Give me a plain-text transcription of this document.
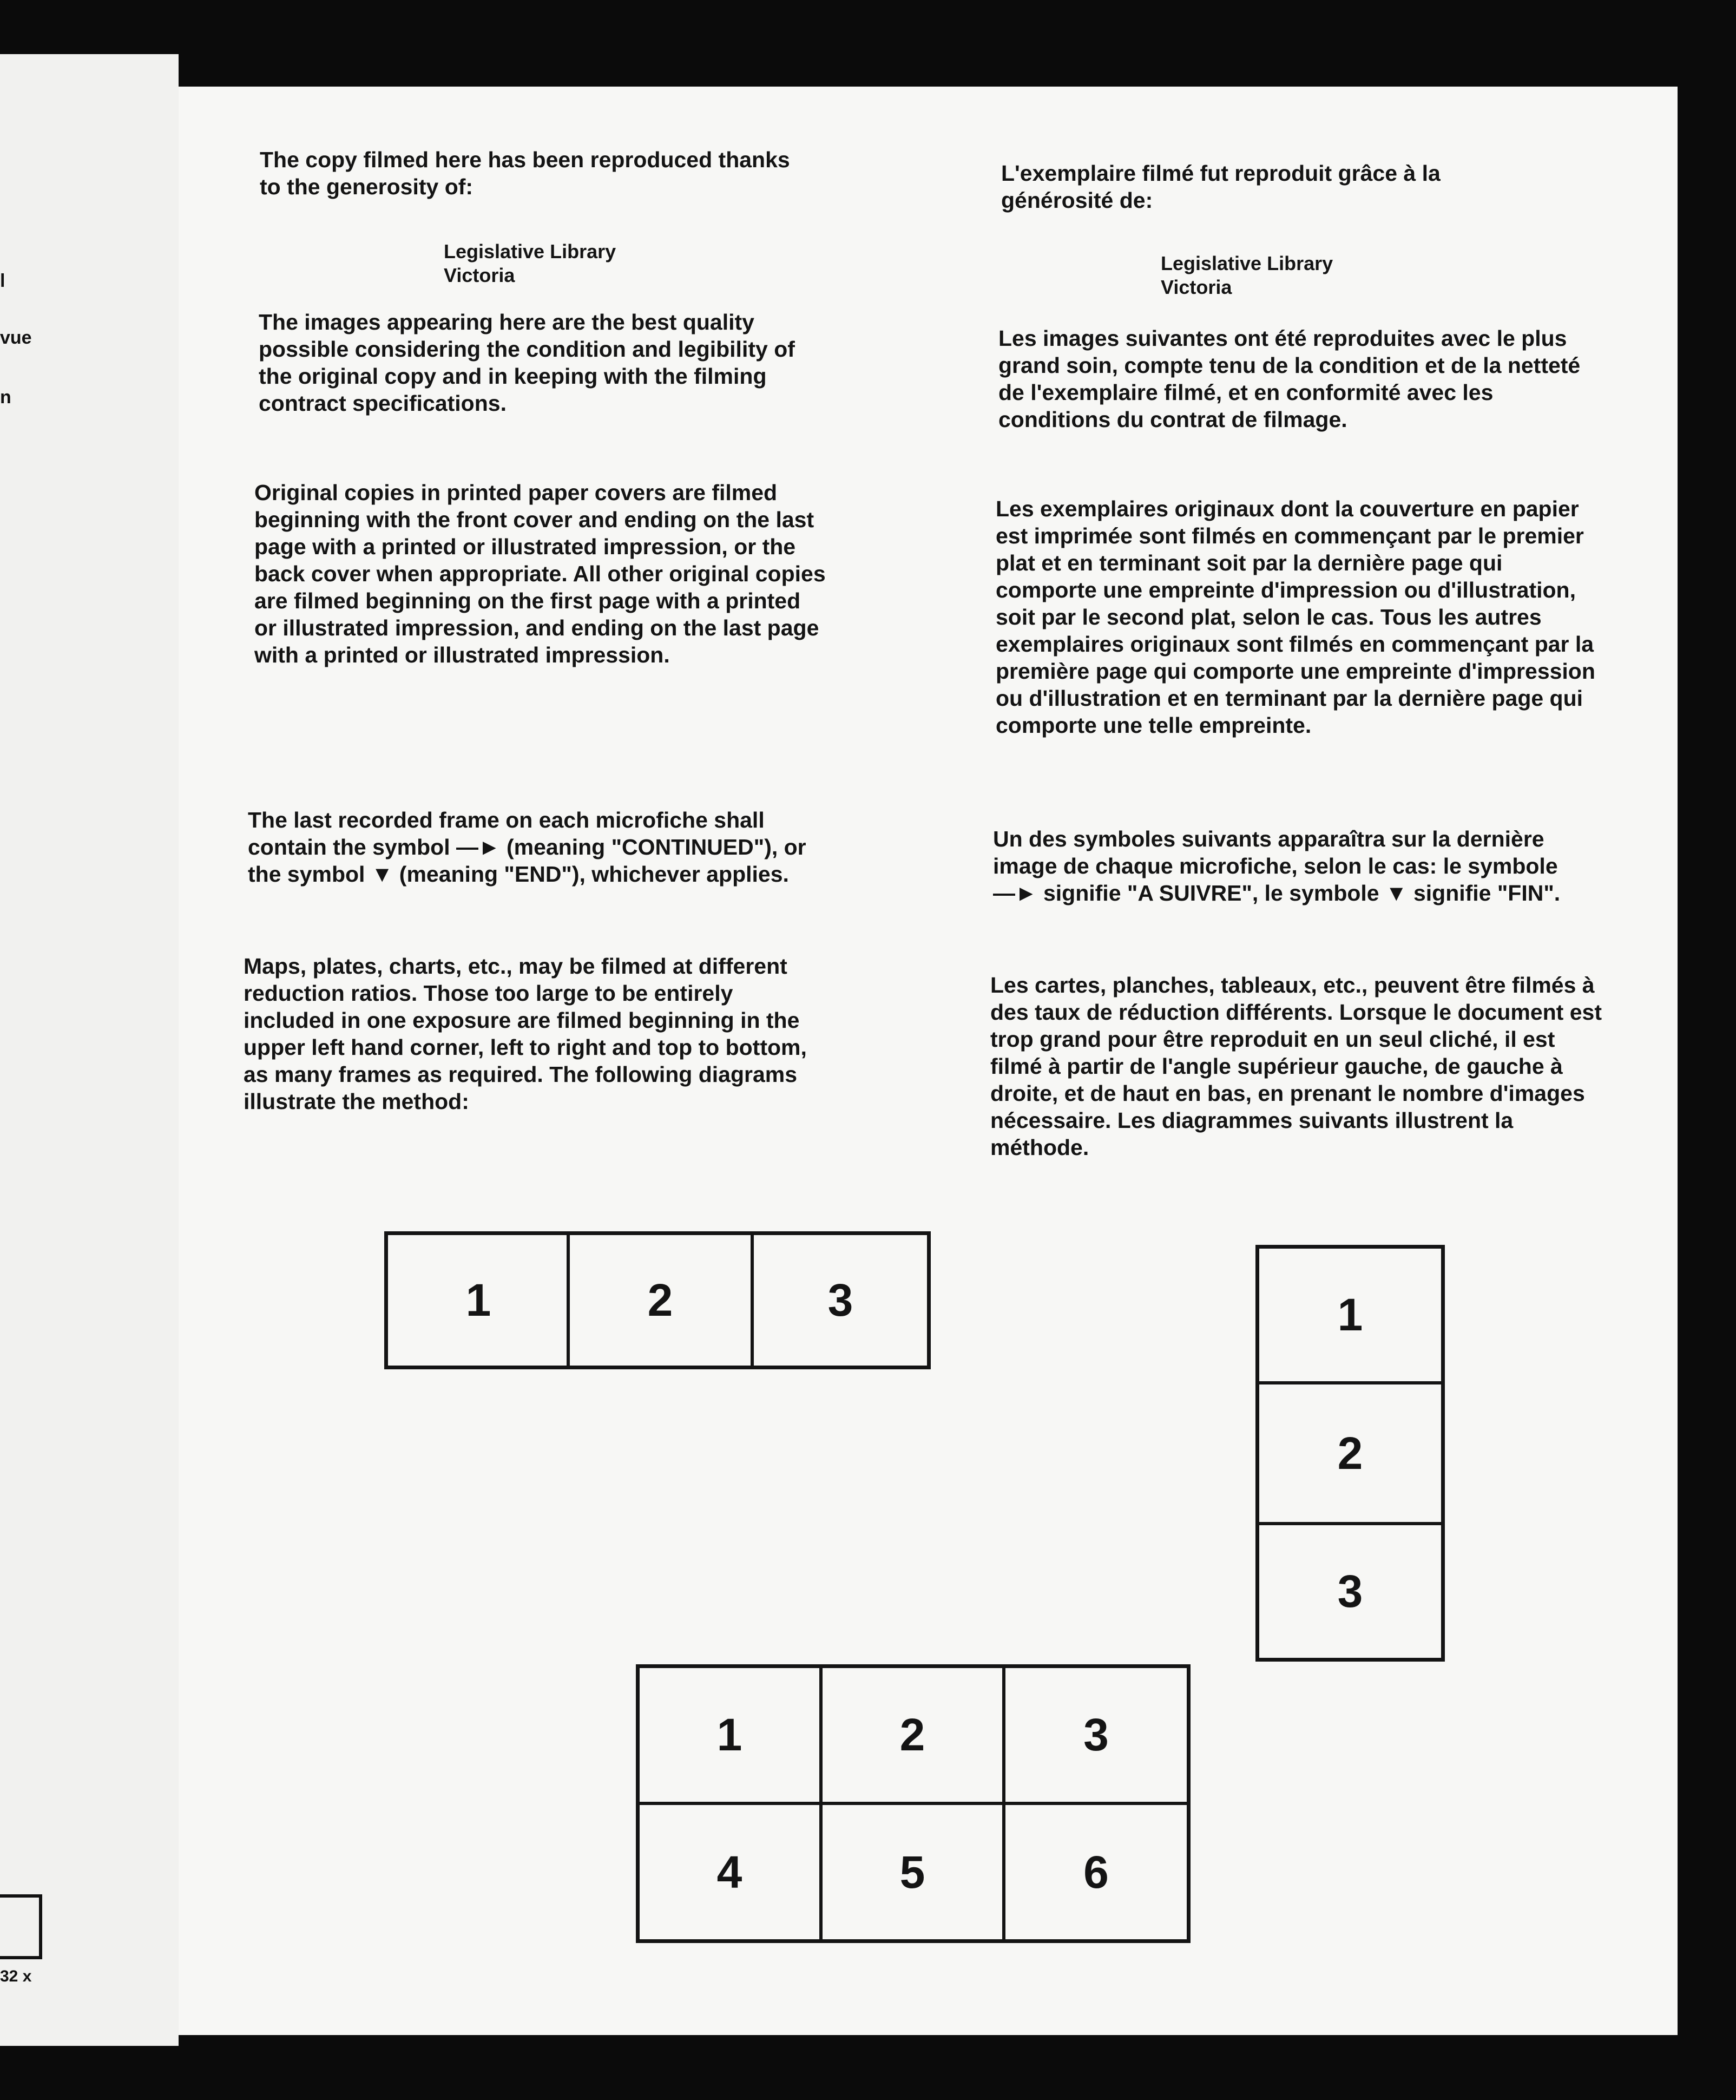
l
vue
n
32 x
The copy filmed here has been reproduced thanks to the generosity of:
Legislative Library
Victoria
The images appearing here are the best quality possible considering the condition and legibility of the original copy and in keeping with the filming contract specifications.
Original copies in printed paper covers are filmed beginning with the front cover and ending on the last page with a printed or illustrated impression, or the back cover when appropriate. All other original copies are filmed beginning on the first page with a printed or illustrated impression, and ending on the last page with a printed or illustrated impression.
The last recorded frame on each microfiche shall contain the symbol —► (meaning "CONTINUED"), or the symbol ▼ (meaning "END"), whichever applies.
Maps, plates, charts, etc., may be filmed at different reduction ratios. Those too large to be entirely included in one exposure are filmed beginning in the upper left hand corner, left to right and top to bottom, as many frames as required. The following diagrams illustrate the method:
L'exemplaire filmé fut reproduit grâce à la générosité de:
Legislative Library
Victoria
Les images suivantes ont été reproduites avec le plus grand soin, compte tenu de la condition et de la netteté de l'exemplaire filmé, et en conformité avec les conditions du contrat de filmage.
Les exemplaires originaux dont la couverture en papier est imprimée sont filmés en commençant par le premier plat et en terminant soit par la dernière page qui comporte une empreinte d'impression ou d'illustration, soit par le second plat, selon le cas. Tous les autres exemplaires originaux sont filmés en commençant par la première page qui comporte une empreinte d'impression ou d'illustration et en terminant par la dernière page qui comporte une telle empreinte.
Un des symboles suivants apparaîtra sur la dernière image de chaque microfiche, selon le cas: le symbole —► signifie "A SUIVRE", le symbole ▼ signifie "FIN".
Les cartes, planches, tableaux, etc., peuvent être filmés à des taux de réduction différents. Lorsque le document est trop grand pour être reproduit en un seul cliché, il est filmé à partir de l'angle supérieur gauche, de gauche à droite, et de haut en bas, en prenant le nombre d'images nécessaire. Les diagrammes suivants illustrent la méthode.
1	2	3	1
2
3
1	2	3
4	5	6
